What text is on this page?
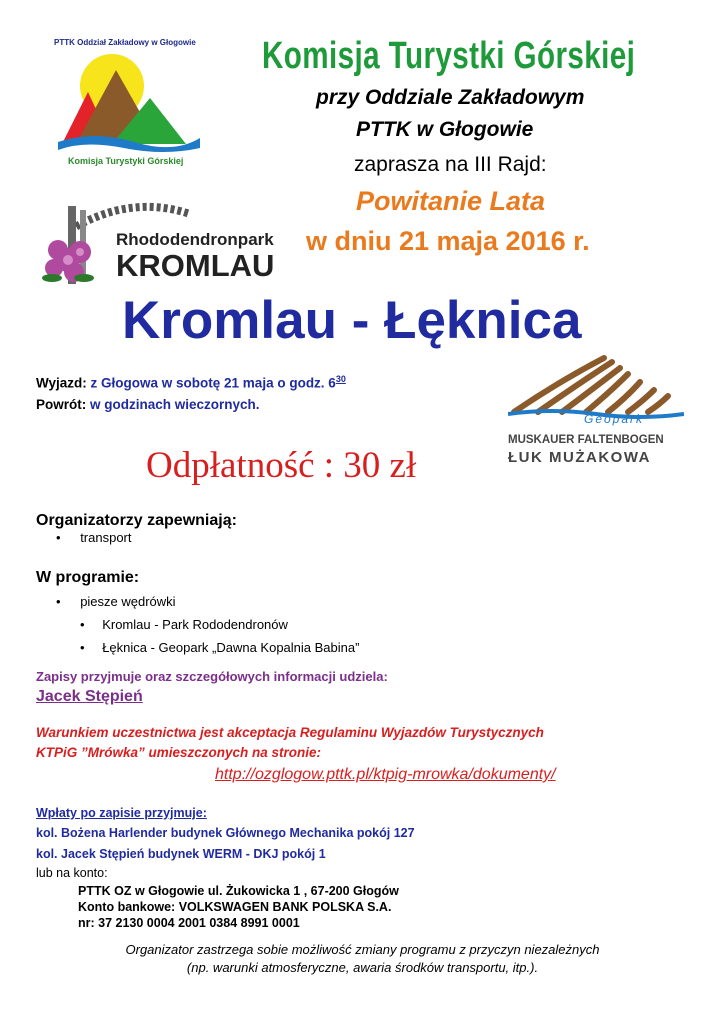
PTTK Oddział Zakładowy w Głogowie
Komisja Turystyki Górskiej
Komisja Turystki Górskiej
przy Oddziale Zakładowym
PTTK w Głogowie
zaprasza na III Rajd:
Powitanie Lata
w dniu 21 maja 2016 r.
Rhododendronpark
KROMLAU
Kromlau - Łęknica
Wyjazd: z Głogowa w sobotę 21 maja o godz. $6^{30}$
Powrót: w godzinach wieczornych.
Geopark
MUSKAUER FALTENBOGEN
ŁUK MUŻAKOWA
Odpłatność : 30 zł
Organizatorzy zapewniają:
• transport
W programie:
• piesze wędrówki
• Kromlau - Park Rododendronów
• Łęknica - Geopark „Dawna Kopalnia Babina”
Zapisy przyjmuje oraz szczegółowych informacji udziela:
Jacek Stępień
Warunkiem uczestnictwa jest akceptacja Regulaminu Wyjazdów Turystycznych
KTPiG ”Mrówka” umieszczonych na stronie:
http://ozglogow.pttk.pl/ktpig-mrowka/dokumenty/
Wpłaty po zapisie przyjmuje:
kol. Bożena Harlender budynek Głównego Mechanika pokój 127
kol. Jacek Stępień budynek WERM - DKJ pokój 1
lub na konto:
PTTK OZ w Głogowie ul. Żukowicka 1 , 67-200 Głogów
Konto bankowe: VOLKSWAGEN BANK POLSKA S.A.
nr: 37 2130 0004 2001 0384 8991 0001
Organizator zastrzega sobie możliwość zmiany programu z przyczyn niezależnych
(np. warunki atmosferyczne, awaria środków transportu, itp.).
